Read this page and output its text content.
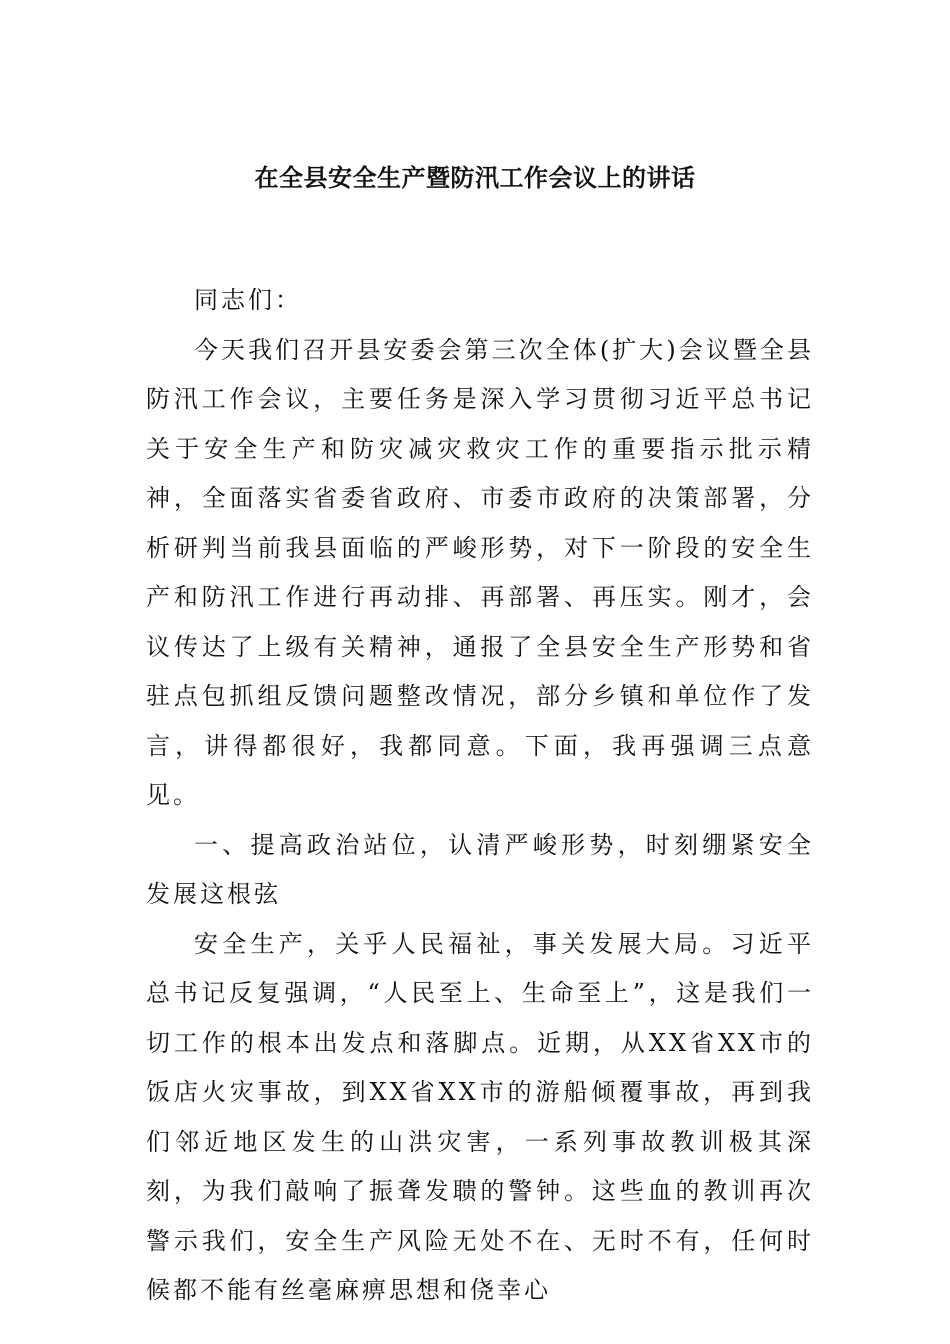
在全县安全生产暨防汛工作会议上的讲话

同志们：

今天我们召开县安委会第三次全体(扩大)会议暨全县防汛工作会议，主要任务是深入学习贯彻习近平总书记关于安全生产和防灾减灾救灾工作的重要指示批示精神，全面落实省委省政府、市委市政府的决策部署，分析研判当前我县面临的严峻形势，对下一阶段的安全生产和防汛工作进行再动排、再部署、再压实。刚才，会议传达了上级有关精神，通报了全县安全生产形势和省驻点包抓组反馈问题整改情况，部分乡镇和单位作了发言，讲得都很好，我都同意。下面，我再强调三点意见。

一、提高政治站位，认清严峻形势，时刻绷紧安全发展这根弦

安全生产，关乎人民福祉，事关发展大局。习近平总书记反复强调，“人民至上、生命至上”，这是我们一切工作的根本出发点和落脚点。近期，从XX省XX市的饭店火灾事故，到XX省XX市的游船倾覆事故，再到我们邻近地区发生的山洪灾害，一系列事故教训极其深刻，为我们敲响了振聋发聩的警钟。这些血的教训再次警示我们，安全生产风险无处不在、无时不有，任何时候都不能有丝毫麻痹思想和侥幸心
